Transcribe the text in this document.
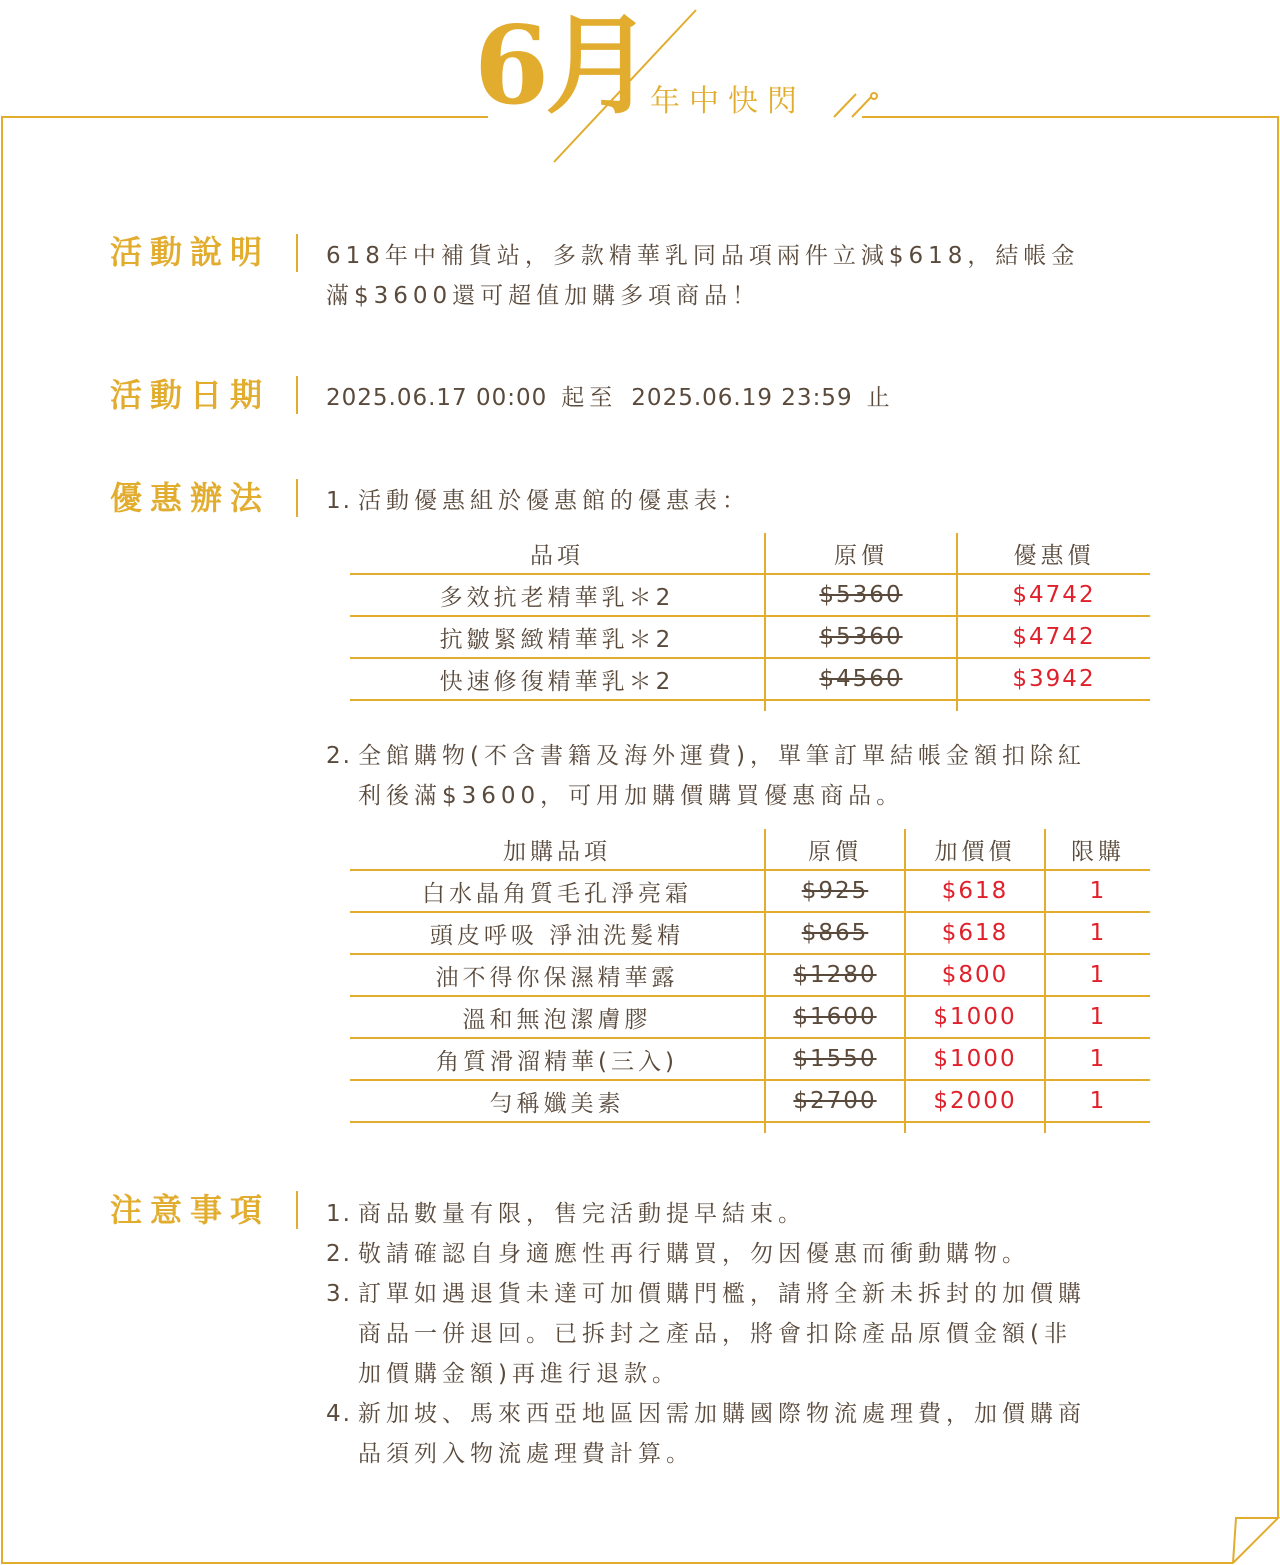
6月 年中快閃
活動說明 618年中補貨站，多款精華乳同品項兩件立減$618，結帳金
滿$3600還可超值加購多項商品！
活動日期 2025.06.17 00:00 起至 2025.06.19 23:59 止
優惠辦法 1. 活動優惠組於優惠館的優惠表：
品項	原價	優惠價
多效抗老精華乳＊2	$5360	$4742
抗皺緊緻精華乳＊2	$5360	$4742
快速修復精華乳＊2	$4560	$3942

2. 全館購物(不含書籍及海外運費)，單筆訂單結帳金額扣除紅
利後滿$3600，可用加購價購買優惠商品。
加購品項	原價	加價價	限購
白水晶角質毛孔淨亮霜	$925	$618	1
頭皮呼吸 淨油洗髮精	$865	$618	1
油不得你保濕精華露	$1280	$800	1
溫和無泡潔膚膠	$1600	$1000	1
角質滑溜精華(三入)	$1550	$1000	1
勻稱孅美素	$2700	$2000	1

注意事項 1. 商品數量有限，售完活動提早結束。
2. 敬請確認自身適應性再行購買，勿因優惠而衝動購物。
3. 訂單如遇退貨未達可加價購門檻，請將全新未拆封的加價購
商品一併退回。已拆封之產品，將會扣除產品原價金額(非
加價購金額)再進行退款。
4. 新加坡、馬來西亞地區因需加購國際物流處理費，加價購商
品須列入物流處理費計算。
